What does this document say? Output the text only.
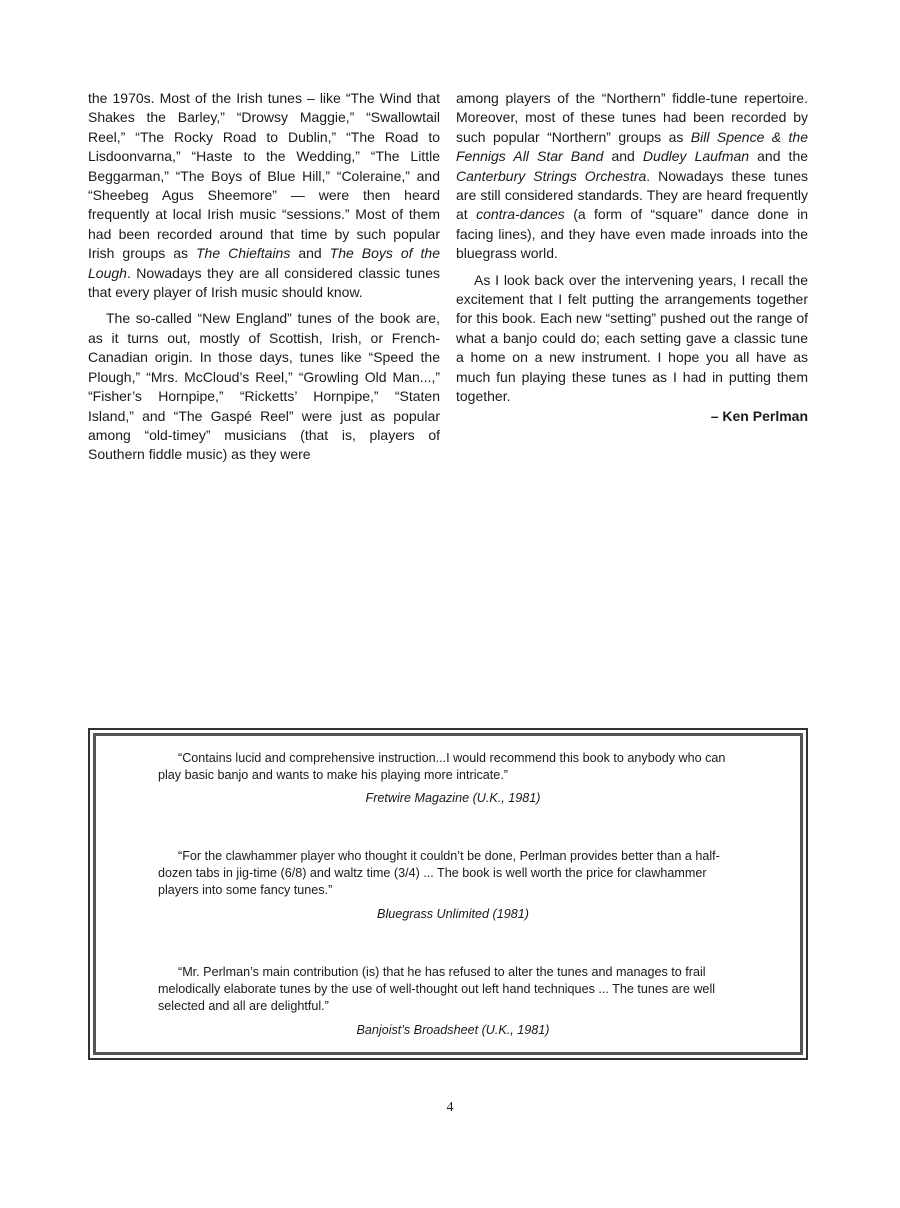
the 1970s. Most of the Irish tunes – like “The Wind that Shakes the Barley,” “Drowsy Maggie,” “Swallowtail Reel,” “The Rocky Road to Dublin,” “The Road to Lisdoonvarna,” “Haste to the Wedding,” “The Little Beggarman,” “The Boys of Blue Hill,” “Coleraine,” and “Sheebeg Agus Sheemore” — were then heard frequently at local Irish music “sessions.” Most of them had been recorded around that time by such popular Irish groups as The Chieftains and The Boys of the Lough. Nowadays they are all considered classic tunes that every player of Irish music should know.

The so-called “New England” tunes of the book are, as it turns out, mostly of Scottish, Irish, or French-Canadian origin. In those days, tunes like “Speed the Plough,” “Mrs. McCloud’s Reel,” “Growling Old Man...,” “Fisher’s Hornpipe,” “Ricketts’ Hornpipe,” “Staten Island,” and “The Gaspé Reel” were just as popular among “old-timey” musicians (that is, players of Southern fiddle music) as they were

among players of the “Northern” fiddle-tune repertoire. Moreover, most of these tunes had been recorded by such popular “Northern” groups as Bill Spence & the Fennigs All Star Band and Dudley Laufman and the Canterbury Strings Orchestra. Nowadays these tunes are still considered standards. They are heard frequently at contra-dances (a form of “square” dance done in facing lines), and they have even made inroads into the bluegrass world.

As I look back over the intervening years, I recall the excitement that I felt putting the arrangements together for this book. Each new “setting” pushed out the range of what a banjo could do; each setting gave a classic tune a home on a new instrument. I hope you all have as much fun playing these tunes as I had in putting them together.

– Ken Perlman

“Contains lucid and comprehensive instruction...I would recommend this book to anybody who can play basic banjo and wants to make his playing more intricate.”

Fretwire Magazine (U.K., 1981)

“For the clawhammer player who thought it couldn’t be done, Perlman provides better than a half-dozen tabs in jig-time (6/8) and waltz time (3/4) ... The book is well worth the price for clawhammer players into some fancy tunes.”

Bluegrass Unlimited (1981)

“Mr. Perlman’s main contribution (is) that he has refused to alter the tunes and manages to frail melodically elaborate tunes by the use of well-thought out left hand techniques ... The tunes are well selected and all are delightful.”

Banjoist’s Broadsheet (U.K., 1981)
4
